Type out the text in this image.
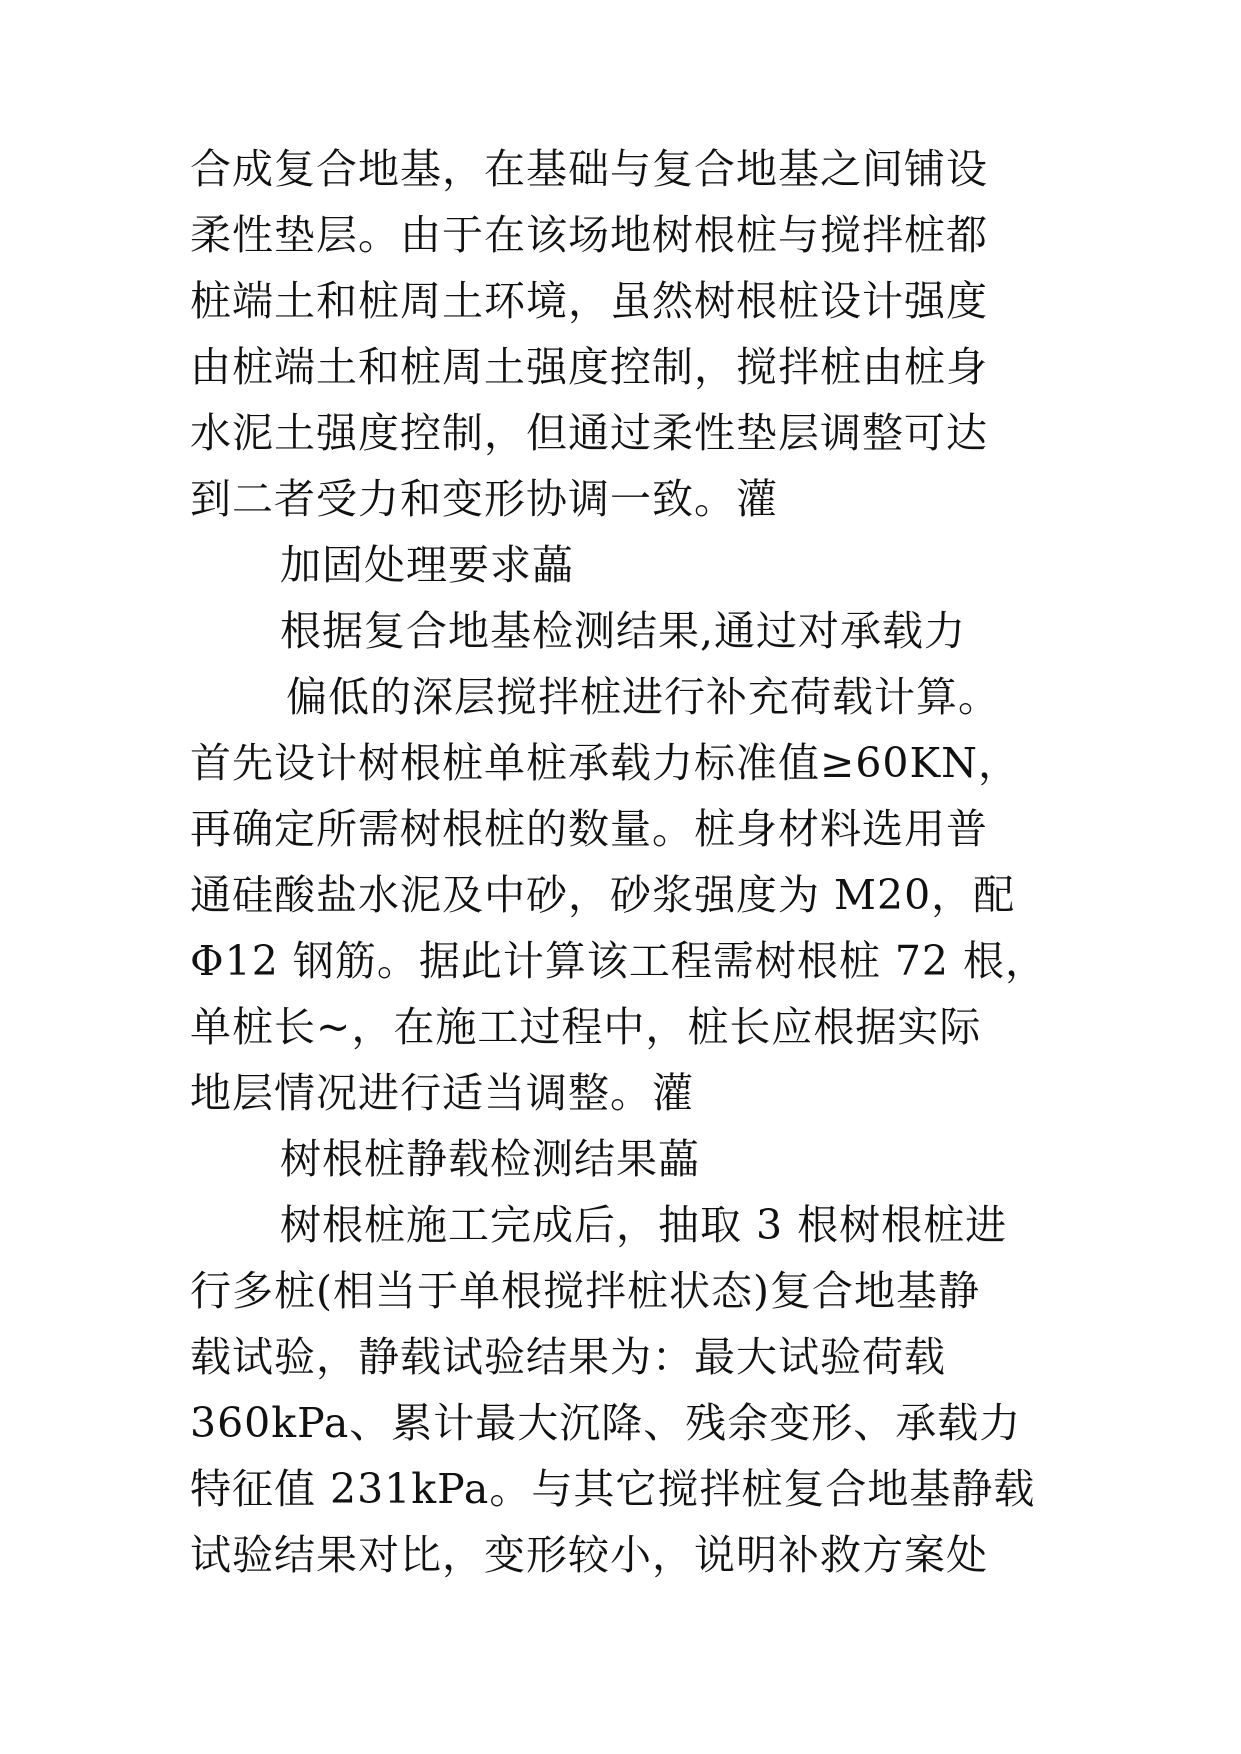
合成复合地基，在基础与复合地基之间铺设
柔性垫层。由于在该场地树根桩与搅拌桩都
桩端土和桩周土环境，虽然树根桩设计强度
由桩端土和桩周土强度控制，搅拌桩由桩身
水泥土强度控制，但通过柔性垫层调整可达
到二者受力和变形协调一致。灌
加固处理要求藟
根据复合地基检测结果,通过对承载力
偏低的深层搅拌桩进行补充荷载计算。
首先设计树根桩单桩承载力标准值≥60KN，
再确定所需树根桩的数量。桩身材料选用普
通硅酸盐水泥及中砂，砂浆强度为 M20，配
Φ12 钢筋。据此计算该工程需树根桩 72 根，
单桩长~，在施工过程中，桩长应根据实际
地层情况进行适当调整。灌
树根桩静载检测结果藟
树根桩施工完成后，抽取 3 根树根桩进
行多桩(相当于单根搅拌桩状态)复合地基静
载试验，静载试验结果为：最大试验荷载
360kPa、累计最大沉降、残余变形、承载力
特征值 231kPa。与其它搅拌桩复合地基静载
试验结果对比，变形较小，说明补救方案处
